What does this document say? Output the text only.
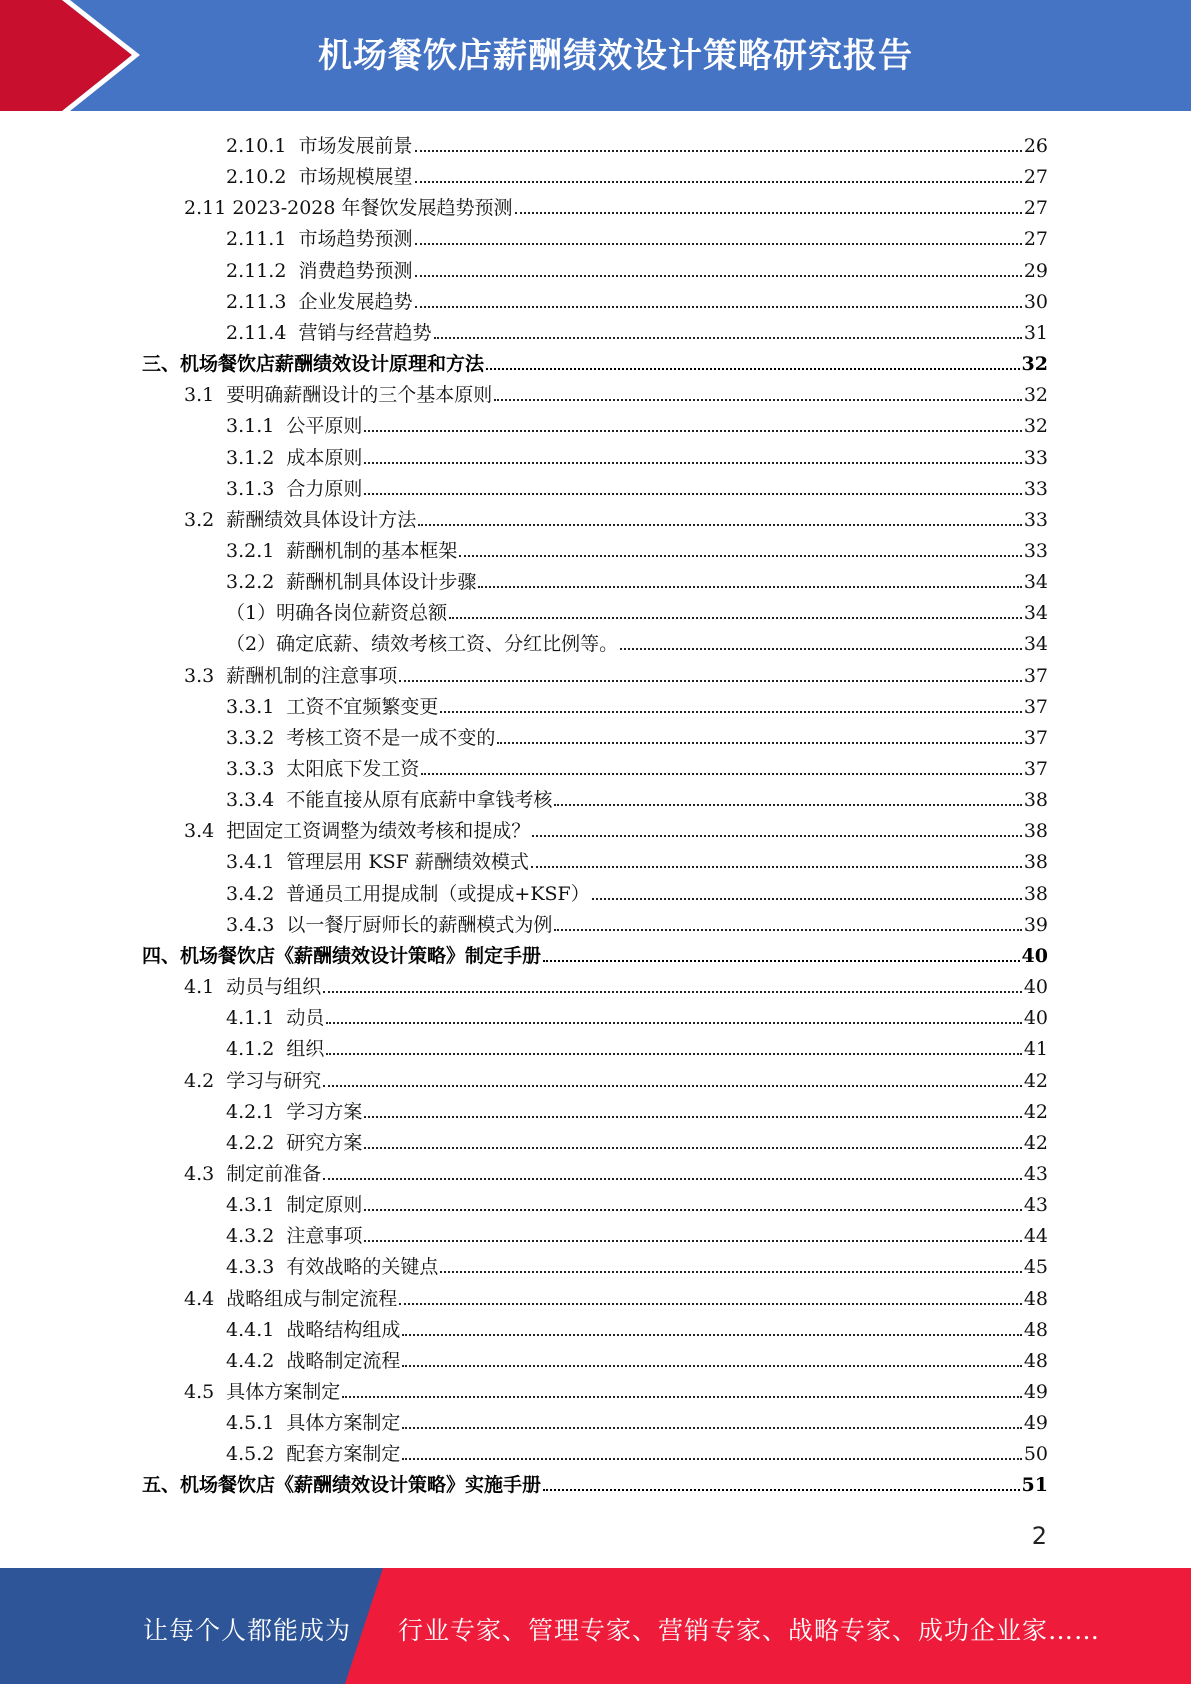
机场餐饮店薪酬绩效设计策略研究报告
2.10.1  市场发展前景	26
2.10.2  市场规模展望	27
2.11 2023-2028 年餐饮发展趋势预测	27
2.11.1  市场趋势预测	27
2.11.2  消费趋势预测	29
2.11.3  企业发展趋势	30
2.11.4  营销与经营趋势	31
三、机场餐饮店薪酬绩效设计原理和方法	32
3.1  要明确薪酬设计的三个基本原则	32
3.1.1  公平原则	32
3.1.2  成本原则	33
3.1.3  合力原则	33
3.2  薪酬绩效具体设计方法	33
3.2.1  薪酬机制的基本框架	33
3.2.2  薪酬机制具体设计步骤	34
（1）明确各岗位薪资总额	34
（2）确定底薪、绩效考核工资、分红比例等。	34
3.3  薪酬机制的注意事项	37
3.3.1  工资不宜频繁变更	37
3.3.2  考核工资不是一成不变的	37
3.3.3  太阳底下发工资	37
3.3.4  不能直接从原有底薪中拿钱考核	38
3.4  把固定工资调整为绩效考核和提成？	38
3.4.1  管理层用 KSF 薪酬绩效模式	38
3.4.2  普通员工用提成制（或提成+KSF）	38
3.4.3  以一餐厅厨师长的薪酬模式为例	39
四、机场餐饮店《薪酬绩效设计策略》制定手册	40
4.1  动员与组织	40
4.1.1  动员	40
4.1.2  组织	41
4.2  学习与研究	42
4.2.1  学习方案	42
4.2.2  研究方案	42
4.3  制定前准备	43
4.3.1  制定原则	43
4.3.2  注意事项	44
4.3.3  有效战略的关键点	45
4.4  战略组成与制定流程	48
4.4.1  战略结构组成	48
4.4.2  战略制定流程	48
4.5  具体方案制定	49
4.5.1  具体方案制定	49
4.5.2  配套方案制定	50
五、机场餐饮店《薪酬绩效设计策略》实施手册	51
2
让每个人都能成为 行业专家、管理专家、营销专家、战略专家、成功企业家……
